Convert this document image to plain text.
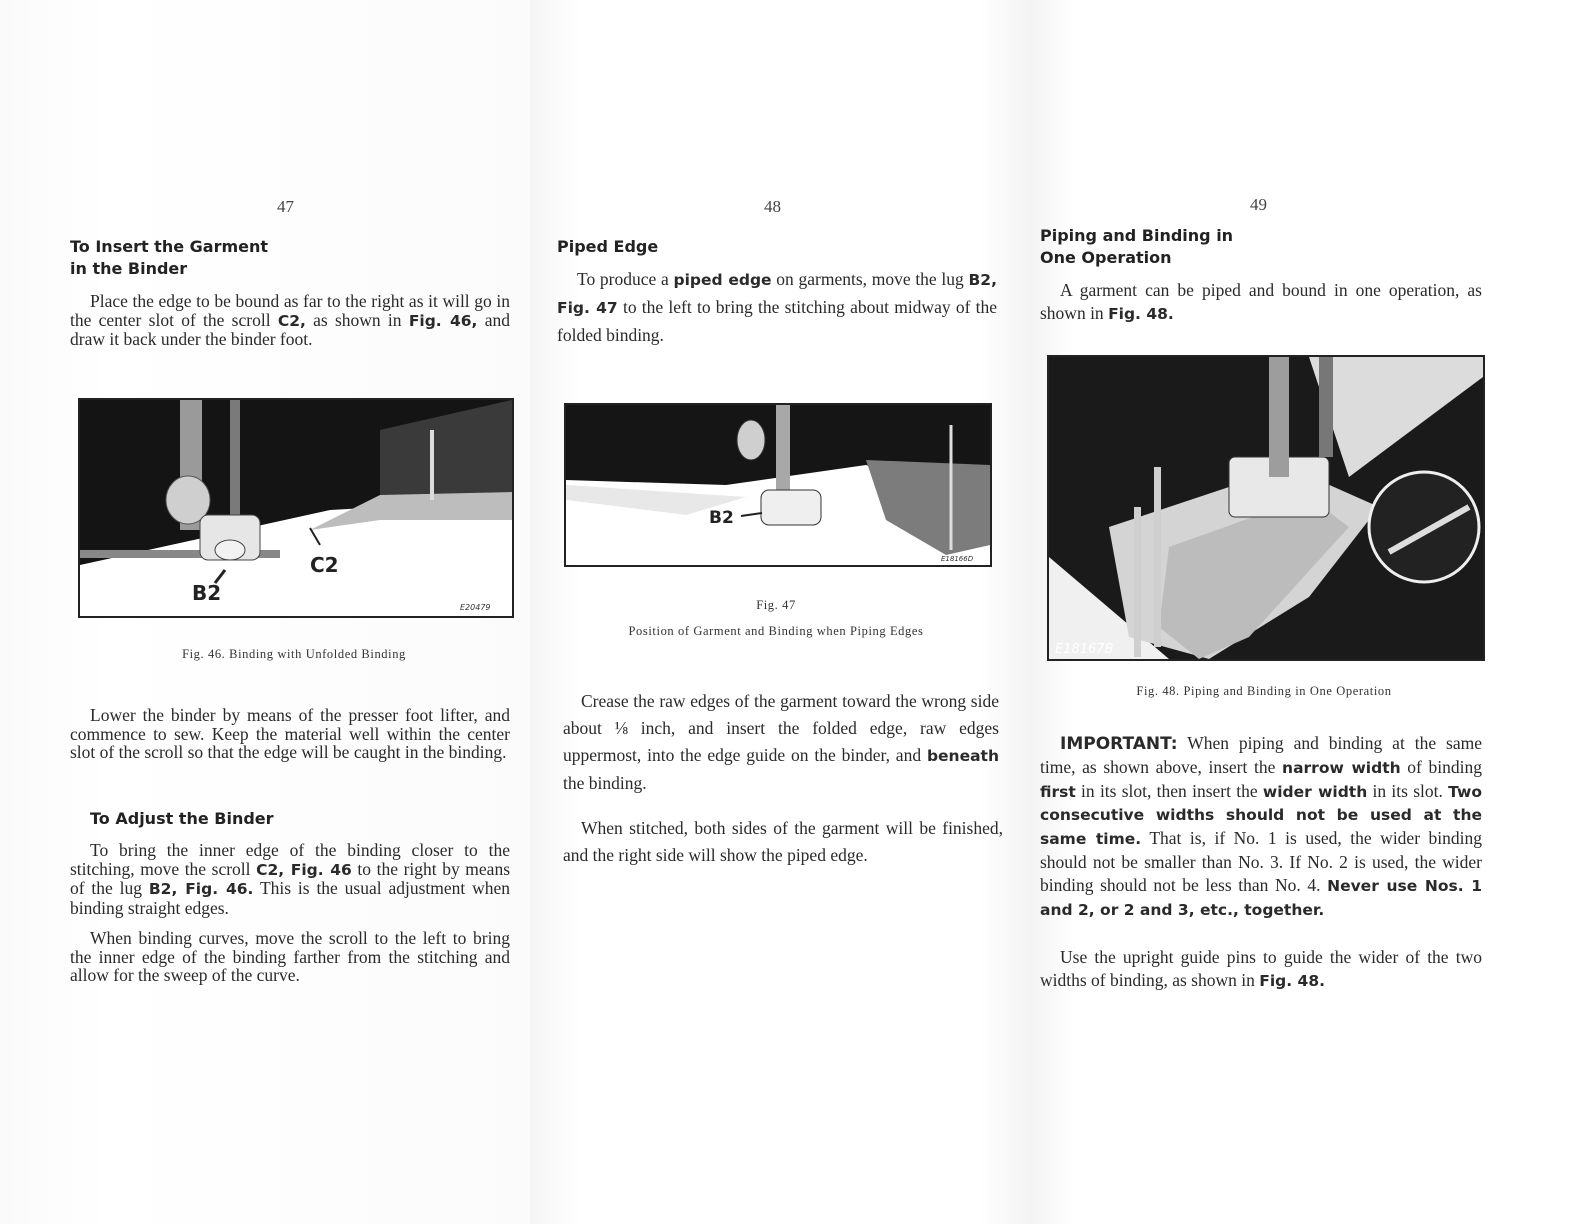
47
To Insert the Garment
in the Binder
Place the edge to be bound as far to the right as it will go in the center slot of the scroll C2, as shown in Fig. 46, and draw it back under the binder foot.
C2
B2
E20479
Fig. 46. Binding with Unfolded Binding
Lower the binder by means of the presser foot lifter, and commence to sew. Keep the material well within the center slot of the scroll so that the edge will be caught in the binding.
To Adjust the Binder
To bring the inner edge of the binding closer to the stitching, move the scroll C2, Fig. 46 to the right by means of the lug B2, Fig. 46. This is the usual adjustment when binding straight edges.
When binding curves, move the scroll to the left to bring the inner edge of the binding farther from the stitching and allow for the sweep of the curve.
48
Piped Edge
To produce a piped edge on garments, move the lug B2, Fig. 47 to the left to bring the stitching about midway of the folded binding.
B2
E18166D
Fig. 47
Position of Garment and Binding when Piping Edges
Crease the raw edges of the garment toward the wrong side about ⅛ inch, and insert the folded edge, raw edges uppermost, into the edge guide on the binder, and beneath the binding.
When stitched, both sides of the garment will be finished, and the right side will show the piped edge.
49
Piping and Binding in
One Operation
A garment can be piped and bound in one operation, as shown in Fig. 48.
E18167B
Fig. 48. Piping and Binding in One Operation
IMPORTANT: When piping and binding at the same time, as shown above, insert the narrow width of binding first in its slot, then insert the wider width in its slot. Two consecutive widths should not be used at the same time. That is, if No. 1 is used, the wider binding should not be smaller than No. 3. If No. 2 is used, the wider binding should not be less than No. 4. Never use Nos. 1 and 2, or 2 and 3, etc., together.
Use the upright guide pins to guide the wider of the two widths of binding, as shown in Fig. 48.
